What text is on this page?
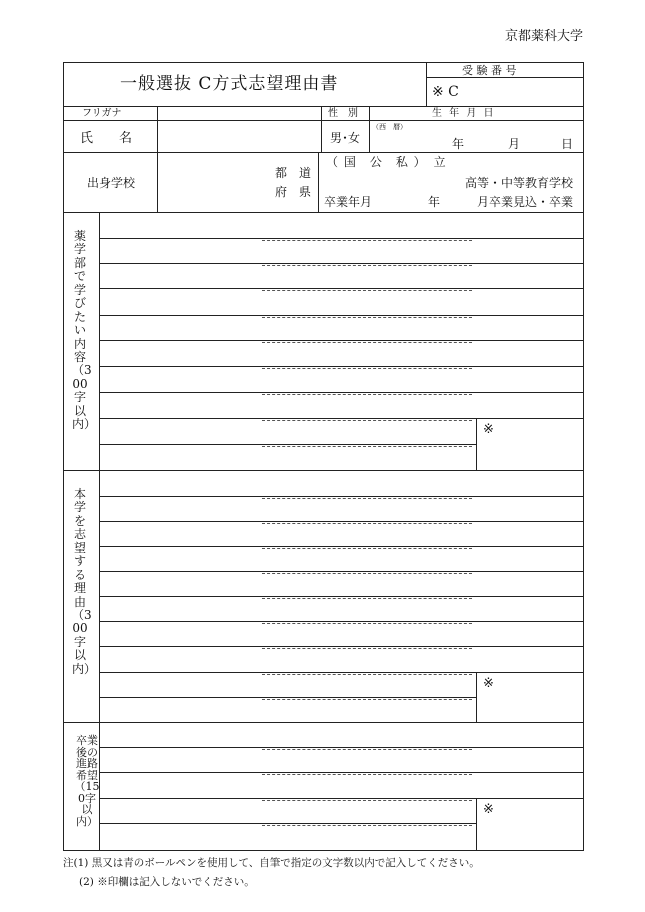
京都薬科大学
一般選抜 C方式志望理由書
受 験 番 号
※ C
フリガナ	性　別	生 年 月 日
氏　　名	男･女
（西　暦）
年	月	日
出身学校
都　道
府　県
（ 国　公　私 ）　立
高等・中等教育学校
卒業年月	年	月卒業見込・卒業
薬学部で学びたい内容（300字以内）	※
本学を志望する理由（300字以内）
※
卒業後の進路希望（150字以内）
※
注(1) 黒又は青のボールペンを使用して、自筆で指定の文字数以内で記入してください。
(2) ※印欄は記入しないでください。
